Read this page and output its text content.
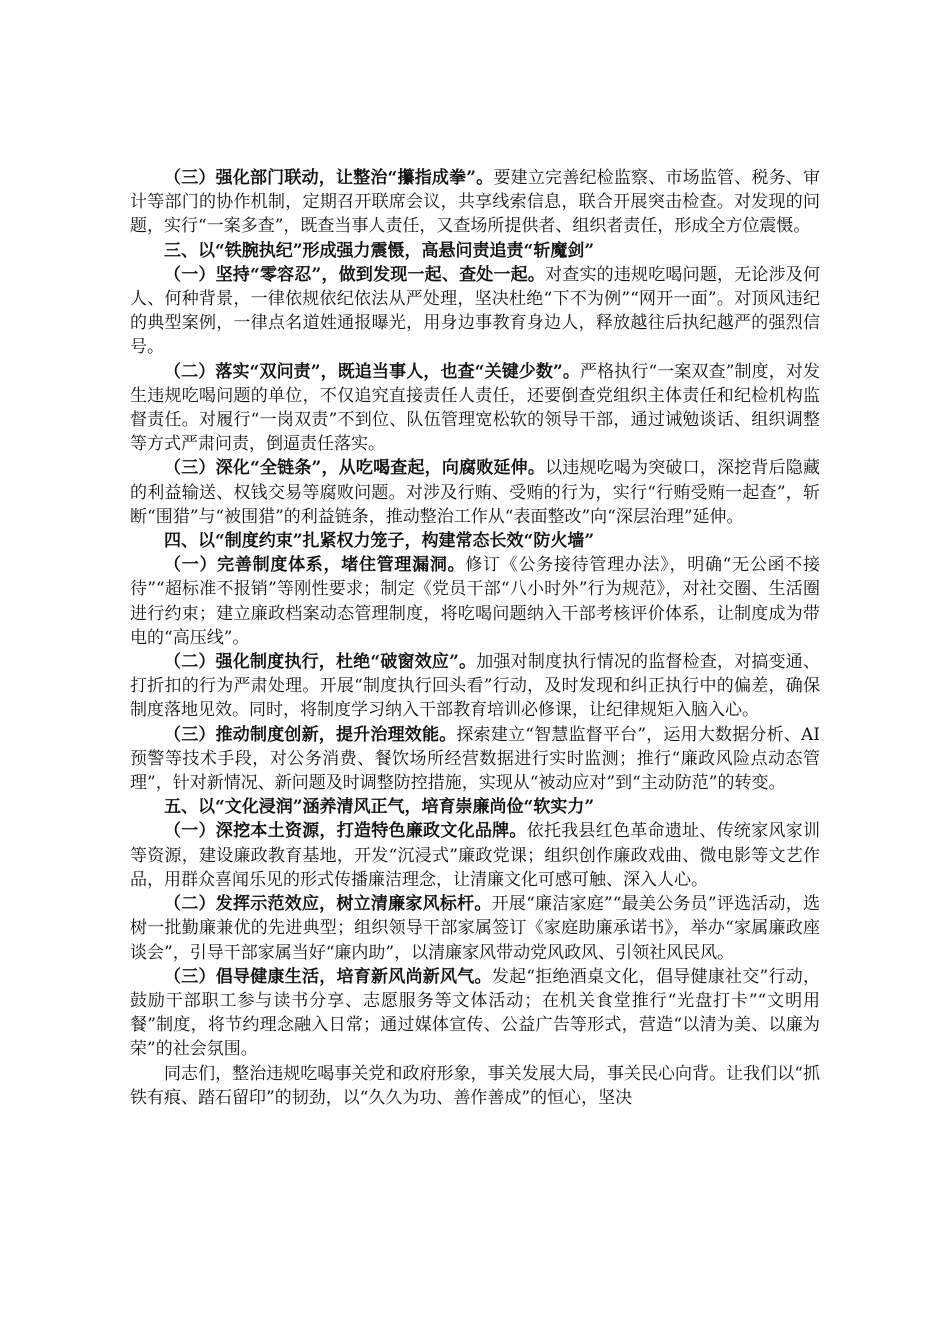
（三）强化部门联动，让整治“攥指成拳”。要建立完善纪检监察、市场监管、税务、审计等部门的协作机制，定期召开联席会议，共享线索信息，联合开展突击检查。对发现的问题，实行“一案多查”，既查当事人责任，又查场所提供者、组织者责任，形成全方位震慑。

三、以“铁腕执纪”形成强力震慑，高悬问责追责“斩魔剑”

（一）坚持“零容忍”，做到发现一起、查处一起。对查实的违规吃喝问题，无论涉及何人、何种背景，一律依规依纪依法从严处理，坚决杜绝“下不为例”“网开一面”。对顶风违纪的典型案例，一律点名道姓通报曝光，用身边事教育身边人，释放越往后执纪越严的强烈信号。

（二）落实“双问责”，既追当事人，也查“关键少数”。严格执行“一案双查”制度，对发生违规吃喝问题的单位，不仅追究直接责任人责任，还要倒查党组织主体责任和纪检机构监督责任。对履行“一岗双责”不到位、队伍管理宽松软的领导干部，通过诫勉谈话、组织调整等方式严肃问责，倒逼责任落实。

（三）深化“全链条”，从吃喝查起，向腐败延伸。以违规吃喝为突破口，深挖背后隐藏的利益输送、权钱交易等腐败问题。对涉及行贿、受贿的行为，实行“行贿受贿一起查”，斩断“围猎”与“被围猎”的利益链条，推动整治工作从“表面整改”向“深层治理”延伸。

四、以“制度约束”扎紧权力笼子，构建常态长效“防火墙”

（一）完善制度体系，堵住管理漏洞。修订《公务接待管理办法》，明确“无公函不接待”“超标准不报销”等刚性要求；制定《党员干部“八小时外”行为规范》，对社交圈、生活圈进行约束；建立廉政档案动态管理制度，将吃喝问题纳入干部考核评价体系，让制度成为带电的“高压线”。

（二）强化制度执行，杜绝“破窗效应”。加强对制度执行情况的监督检查，对搞变通、打折扣的行为严肃处理。开展“制度执行回头看”行动，及时发现和纠正执行中的偏差，确保制度落地见效。同时，将制度学习纳入干部教育培训必修课，让纪律规矩入脑入心。

（三）推动制度创新，提升治理效能。探索建立“智慧监督平台”，运用大数据分析、AI预警等技术手段，对公务消费、餐饮场所经营数据进行实时监测；推行“廉政风险点动态管理”，针对新情况、新问题及时调整防控措施，实现从“被动应对”到“主动防范”的转变。

五、以“文化浸润”涵养清风正气，培育崇廉尚俭“软实力”

（一）深挖本土资源，打造特色廉政文化品牌。依托我县红色革命遗址、传统家风家训等资源，建设廉政教育基地，开发“沉浸式”廉政党课；组织创作廉政戏曲、微电影等文艺作品，用群众喜闻乐见的形式传播廉洁理念，让清廉文化可感可触、深入人心。

（二）发挥示范效应，树立清廉家风标杆。开展“廉洁家庭”“最美公务员”评选活动，选树一批勤廉兼优的先进典型；组织领导干部家属签订《家庭助廉承诺书》，举办“家属廉政座谈会”，引导干部家属当好“廉内助”，以清廉家风带动党风政风、引领社风民风。

（三）倡导健康生活，培育新风尚新风气。发起“拒绝酒桌文化，倡导健康社交”行动，鼓励干部职工参与读书分享、志愿服务等文体活动；在机关食堂推行“光盘打卡”“文明用餐”制度，将节约理念融入日常；通过媒体宣传、公益广告等形式，营造“以清为美、以廉为荣”的社会氛围。

同志们，整治违规吃喝事关党和政府形象，事关发展大局，事关民心向背。让我们以“抓铁有痕、踏石留印”的韧劲，以“久久为功、善作善成”的恒心，坚决
